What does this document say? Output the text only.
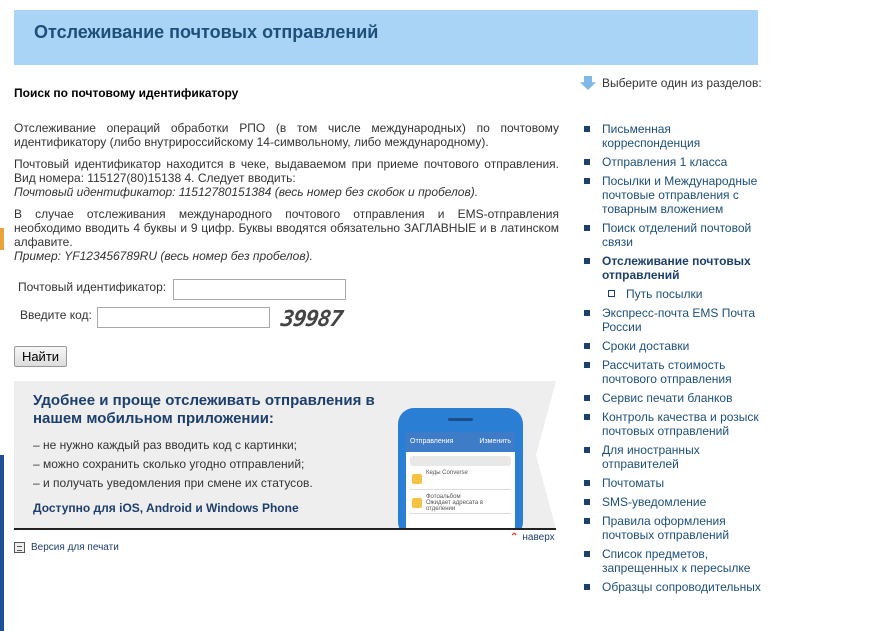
Отслеживание почтовых отправлений
Поиск по почтовому идентификатору

Отслеживание операций обработки РПО (в том числе международных) по почтовому идентификатору (либо внутрироссийскому 14-символьному, либо международному).

Почтовый идентификатор находится в чеке, выдаваемом при приеме почтового отправления. Вид номера: 115127(80)15138 4. Следует вводить:
Почтовый идентификатор: 11512780151384 (весь номер без скобок и пробелов).

В случае отслеживания международного почтового отправления и EMS-отправления необходимо вводить 4 буквы и 9 цифр. Буквы вводятся обязательно ЗАГЛАВНЫЕ и в латинском алфавите.
Пример: YF123456789RU (весь номер без пробелов).

Почтовый идентификатор:
Введите код:	39987
Найти
Удобнее и проще отслеживать отправления в нашем мобильном приложении:
– не нужно каждый раз вводить код с картинки;
– можно сохранить сколько угодно отправлений;
– и получать уведомления при смене их статусов.
Доступно для iOS, Android и Windows Phone
Изменить
Отправления
Кеды Converse
Фотоальбом
Ожидает адресата в отделении
⌃ наверх
Версия для печати
Выберите один из разделов:
Письменная корреспонденция
Отправления 1 класса
Посылки и Международные почтовые отправления с товарным вложением
Поиск отделений почтовой связи
Отслеживание почтовых отправлений
Путь посылки
Экспресс-почта EMS Почта России
Сроки доставки
Рассчитать стоимость почтового отправления
Сервис печати бланков
Контроль качества и розыск почтовых отправлений
Для иностранных отправителей
Почтоматы
SMS-уведомление
Правила оформления почтовых отправлений
Список предметов, запрещенных к пересылке
Образцы сопроводительных
